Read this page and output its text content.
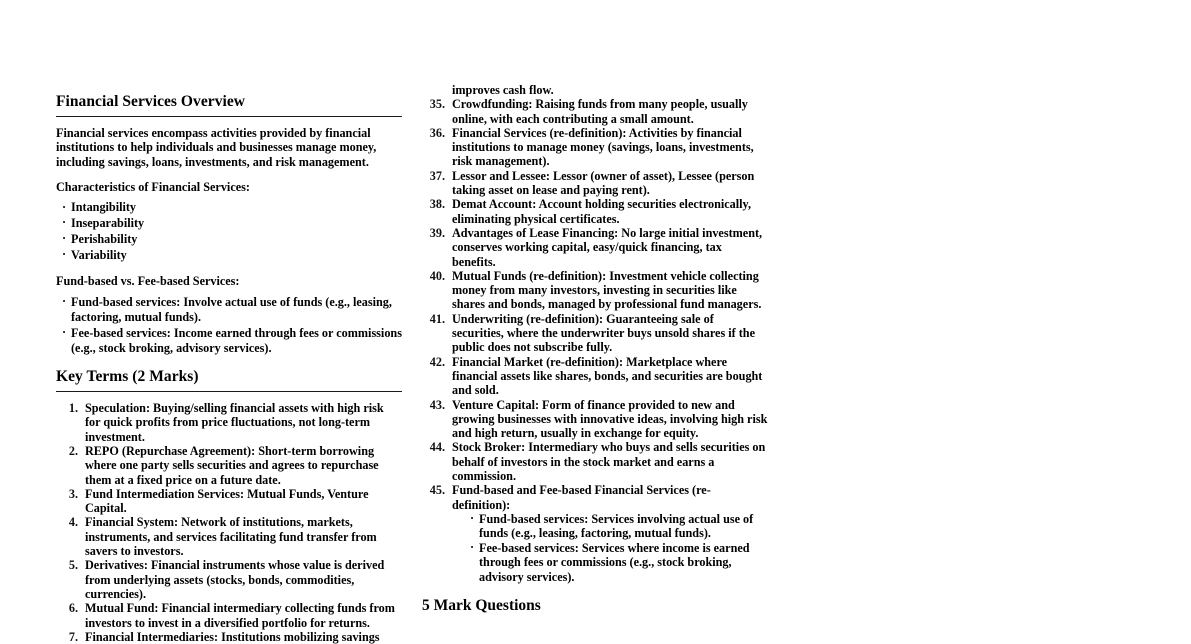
Financial Services Overview

Financial services encompass activities provided by financial institutions to help individuals and businesses manage money, including savings, loans, investments, and risk management.

Characteristics of Financial Services:

· Intangibility
· Inseparability
· Perishability
· Variability

Fund-based vs. Fee-based Services:

· Fund-based services: Involve actual use of funds (e.g., leasing, factoring, mutual funds).
· Fee-based services: Income earned through fees or commissions (e.g., stock broking, advisory services).
Key Terms (2 Marks)
1. Speculation: Buying/selling financial assets with high risk for quick profits from price fluctuations, not long-term investment.
2. REPO (Repurchase Agreement): Short-term borrowing where one party sells securities and agrees to repurchase them at a fixed price on a future date.
3. Fund Intermediation Services: Mutual Funds, Venture Capital.
4. Financial System: Network of institutions, markets, instruments, and services facilitating fund transfer from savers to investors.
5. Derivatives: Financial instruments whose value is derived from underlying assets (stocks, bonds, commodities, currencies).
6. Mutual Fund: Financial intermediary collecting funds from investors to invest in a diversified portfolio for returns.
7. Financial Intermediaries: Institutions mobilizing savings

improves cash flow.

35. Crowdfunding: Raising funds from many people, usually online, with each contributing a small amount.
36. Financial Services (re-definition): Activities by financial institutions to manage money (savings, loans, investments, risk management).
37. Lessor and Lessee: Lessor (owner of asset), Lessee (person taking asset on lease and paying rent).
38. Demat Account: Account holding securities electronically, eliminating physical certificates.
39. Advantages of Lease Financing: No large initial investment, conserves working capital, easy/quick financing, tax benefits.
40. Mutual Funds (re-definition): Investment vehicle collecting money from many investors, investing in securities like shares and bonds, managed by professional fund managers.
41. Underwriting (re-definition): Guaranteeing sale of securities, where the underwriter buys unsold shares if the public does not subscribe fully.
42. Financial Market (re-definition): Marketplace where financial assets like shares, bonds, and securities are bought and sold.
43. Venture Capital: Form of finance provided to new and growing businesses with innovative ideas, involving high risk and high return, usually in exchange for equity.
44. Stock Broker: Intermediary who buys and sells securities on behalf of investors in the stock market and earns a commission.
45. Fund-based and Fee-based Financial Services (re-definition):
· Fund-based services: Services involving actual use of funds (e.g., leasing, factoring, mutual funds).
· Fee-based services: Services where income is earned through fees or commissions (e.g., stock broking, advisory services).
5 Mark Questions
